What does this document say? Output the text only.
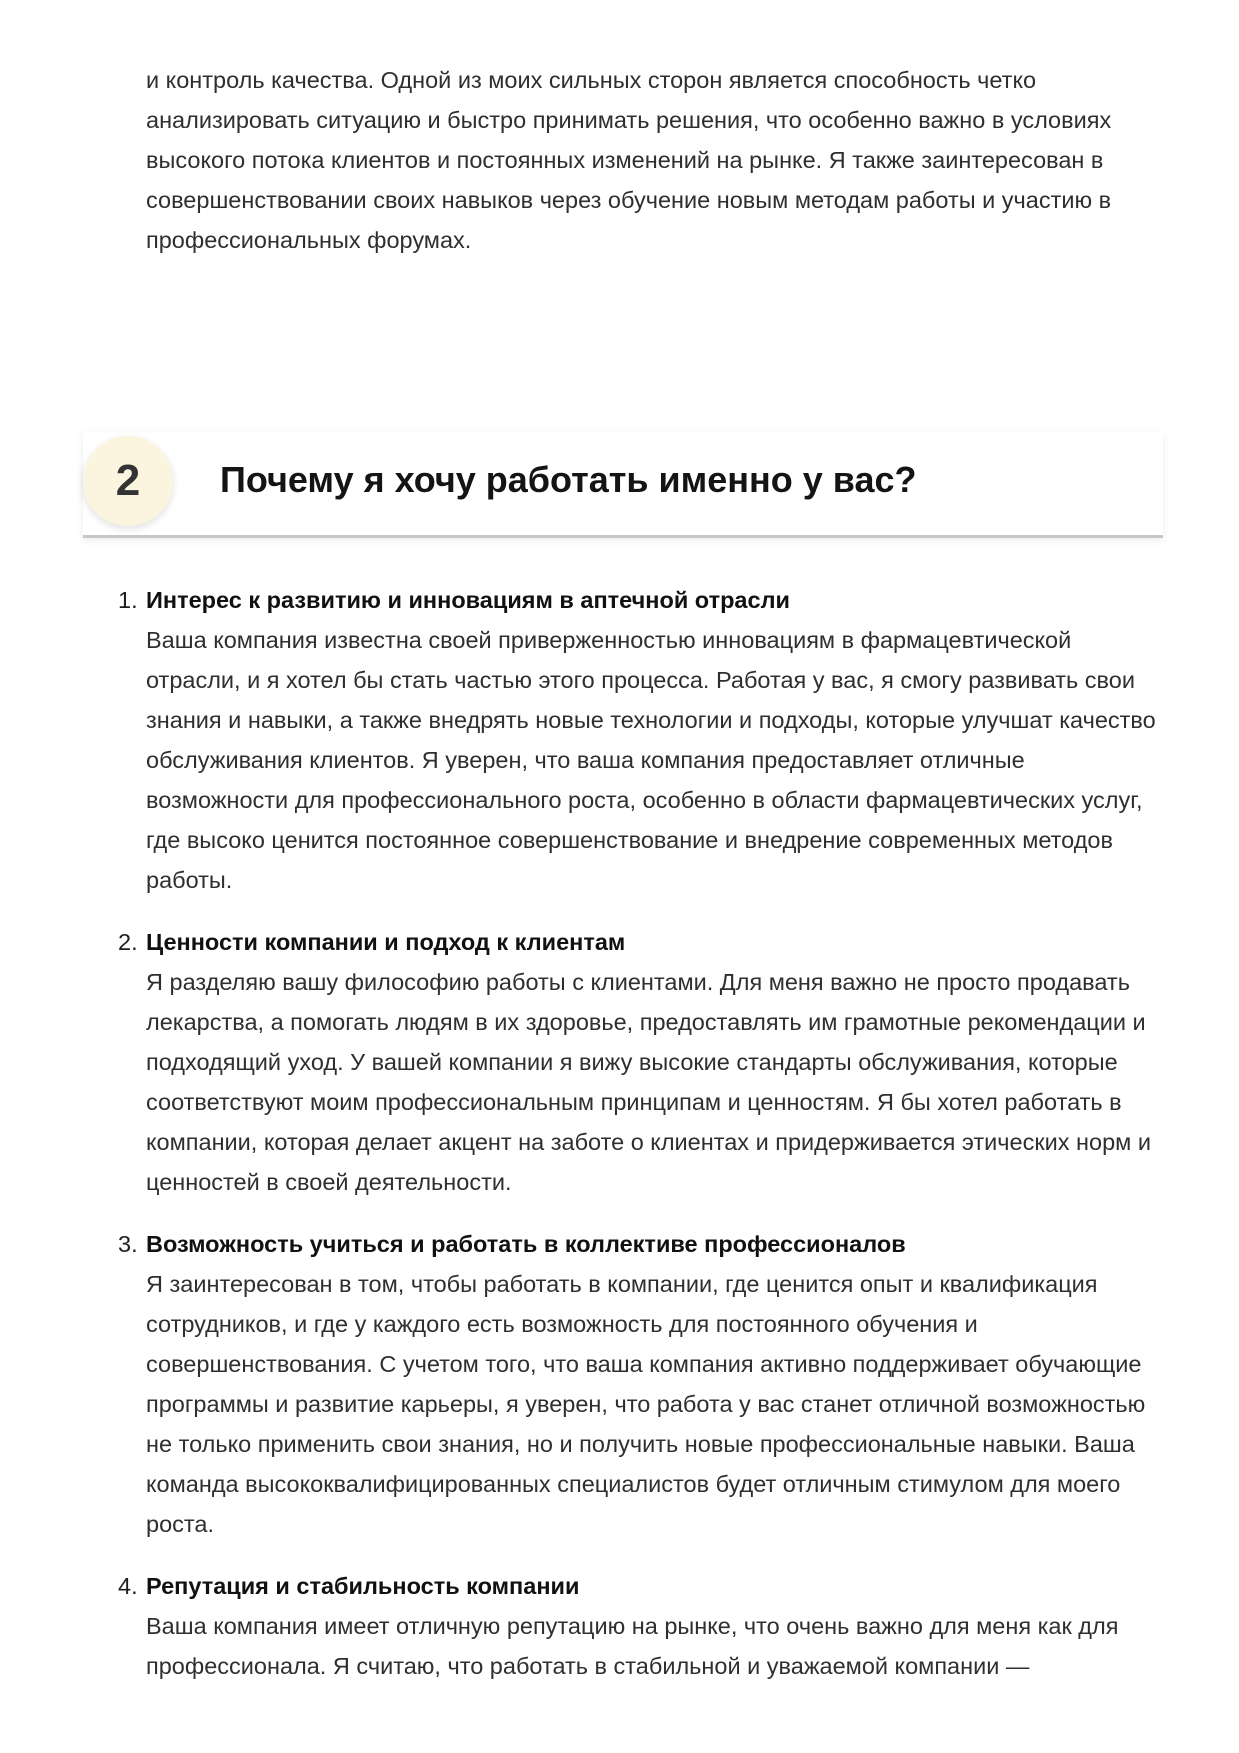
и контроль качества. Одной из моих сильных сторон является способность четко анализировать ситуацию и быстро принимать решения, что особенно важно в условиях высокого потока клиентов и постоянных изменений на рынке. Я также заинтересован в совершенствовании своих навыков через обучение новым методам работы и участию в профессиональных форумах.

2	Почему я хочу работать именно у вас?
1. Интерес к развитию и инновациям в аптечной отрасли
Ваша компания известна своей приверженностью инновациям в фармацевтической отрасли, и я хотел бы стать частью этого процесса. Работая у вас, я смогу развивать свои знания и навыки, а также внедрять новые технологии и подходы, которые улучшат качество обслуживания клиентов. Я уверен, что ваша компания предоставляет отличные возможности для профессионального роста, особенно в области фармацевтических услуг, где высоко ценится постоянное совершенствование и внедрение современных методов работы.
2. Ценности компании и подход к клиентам
Я разделяю вашу философию работы с клиентами. Для меня важно не просто продавать лекарства, а помогать людям в их здоровье, предоставлять им грамотные рекомендации и подходящий уход. У вашей компании я вижу высокие стандарты обслуживания, которые соответствуют моим профессиональным принципам и ценностям. Я бы хотел работать в компании, которая делает акцент на заботе о клиентах и придерживается этических норм и ценностей в своей деятельности.
3. Возможность учиться и работать в коллективе профессионалов
Я заинтересован в том, чтобы работать в компании, где ценится опыт и квалификация сотрудников, и где у каждого есть возможность для постоянного обучения и совершенствования. С учетом того, что ваша компания активно поддерживает обучающие программы и развитие карьеры, я уверен, что работа у вас станет отличной возможностью не только применить свои знания, но и получить новые профессиональные навыки. Ваша команда высококвалифицированных специалистов будет отличным стимулом для моего роста.
4. Репутация и стабильность компании
Ваша компания имеет отличную репутацию на рынке, что очень важно для меня как для профессионала. Я считаю, что работать в стабильной и уважаемой компании —
